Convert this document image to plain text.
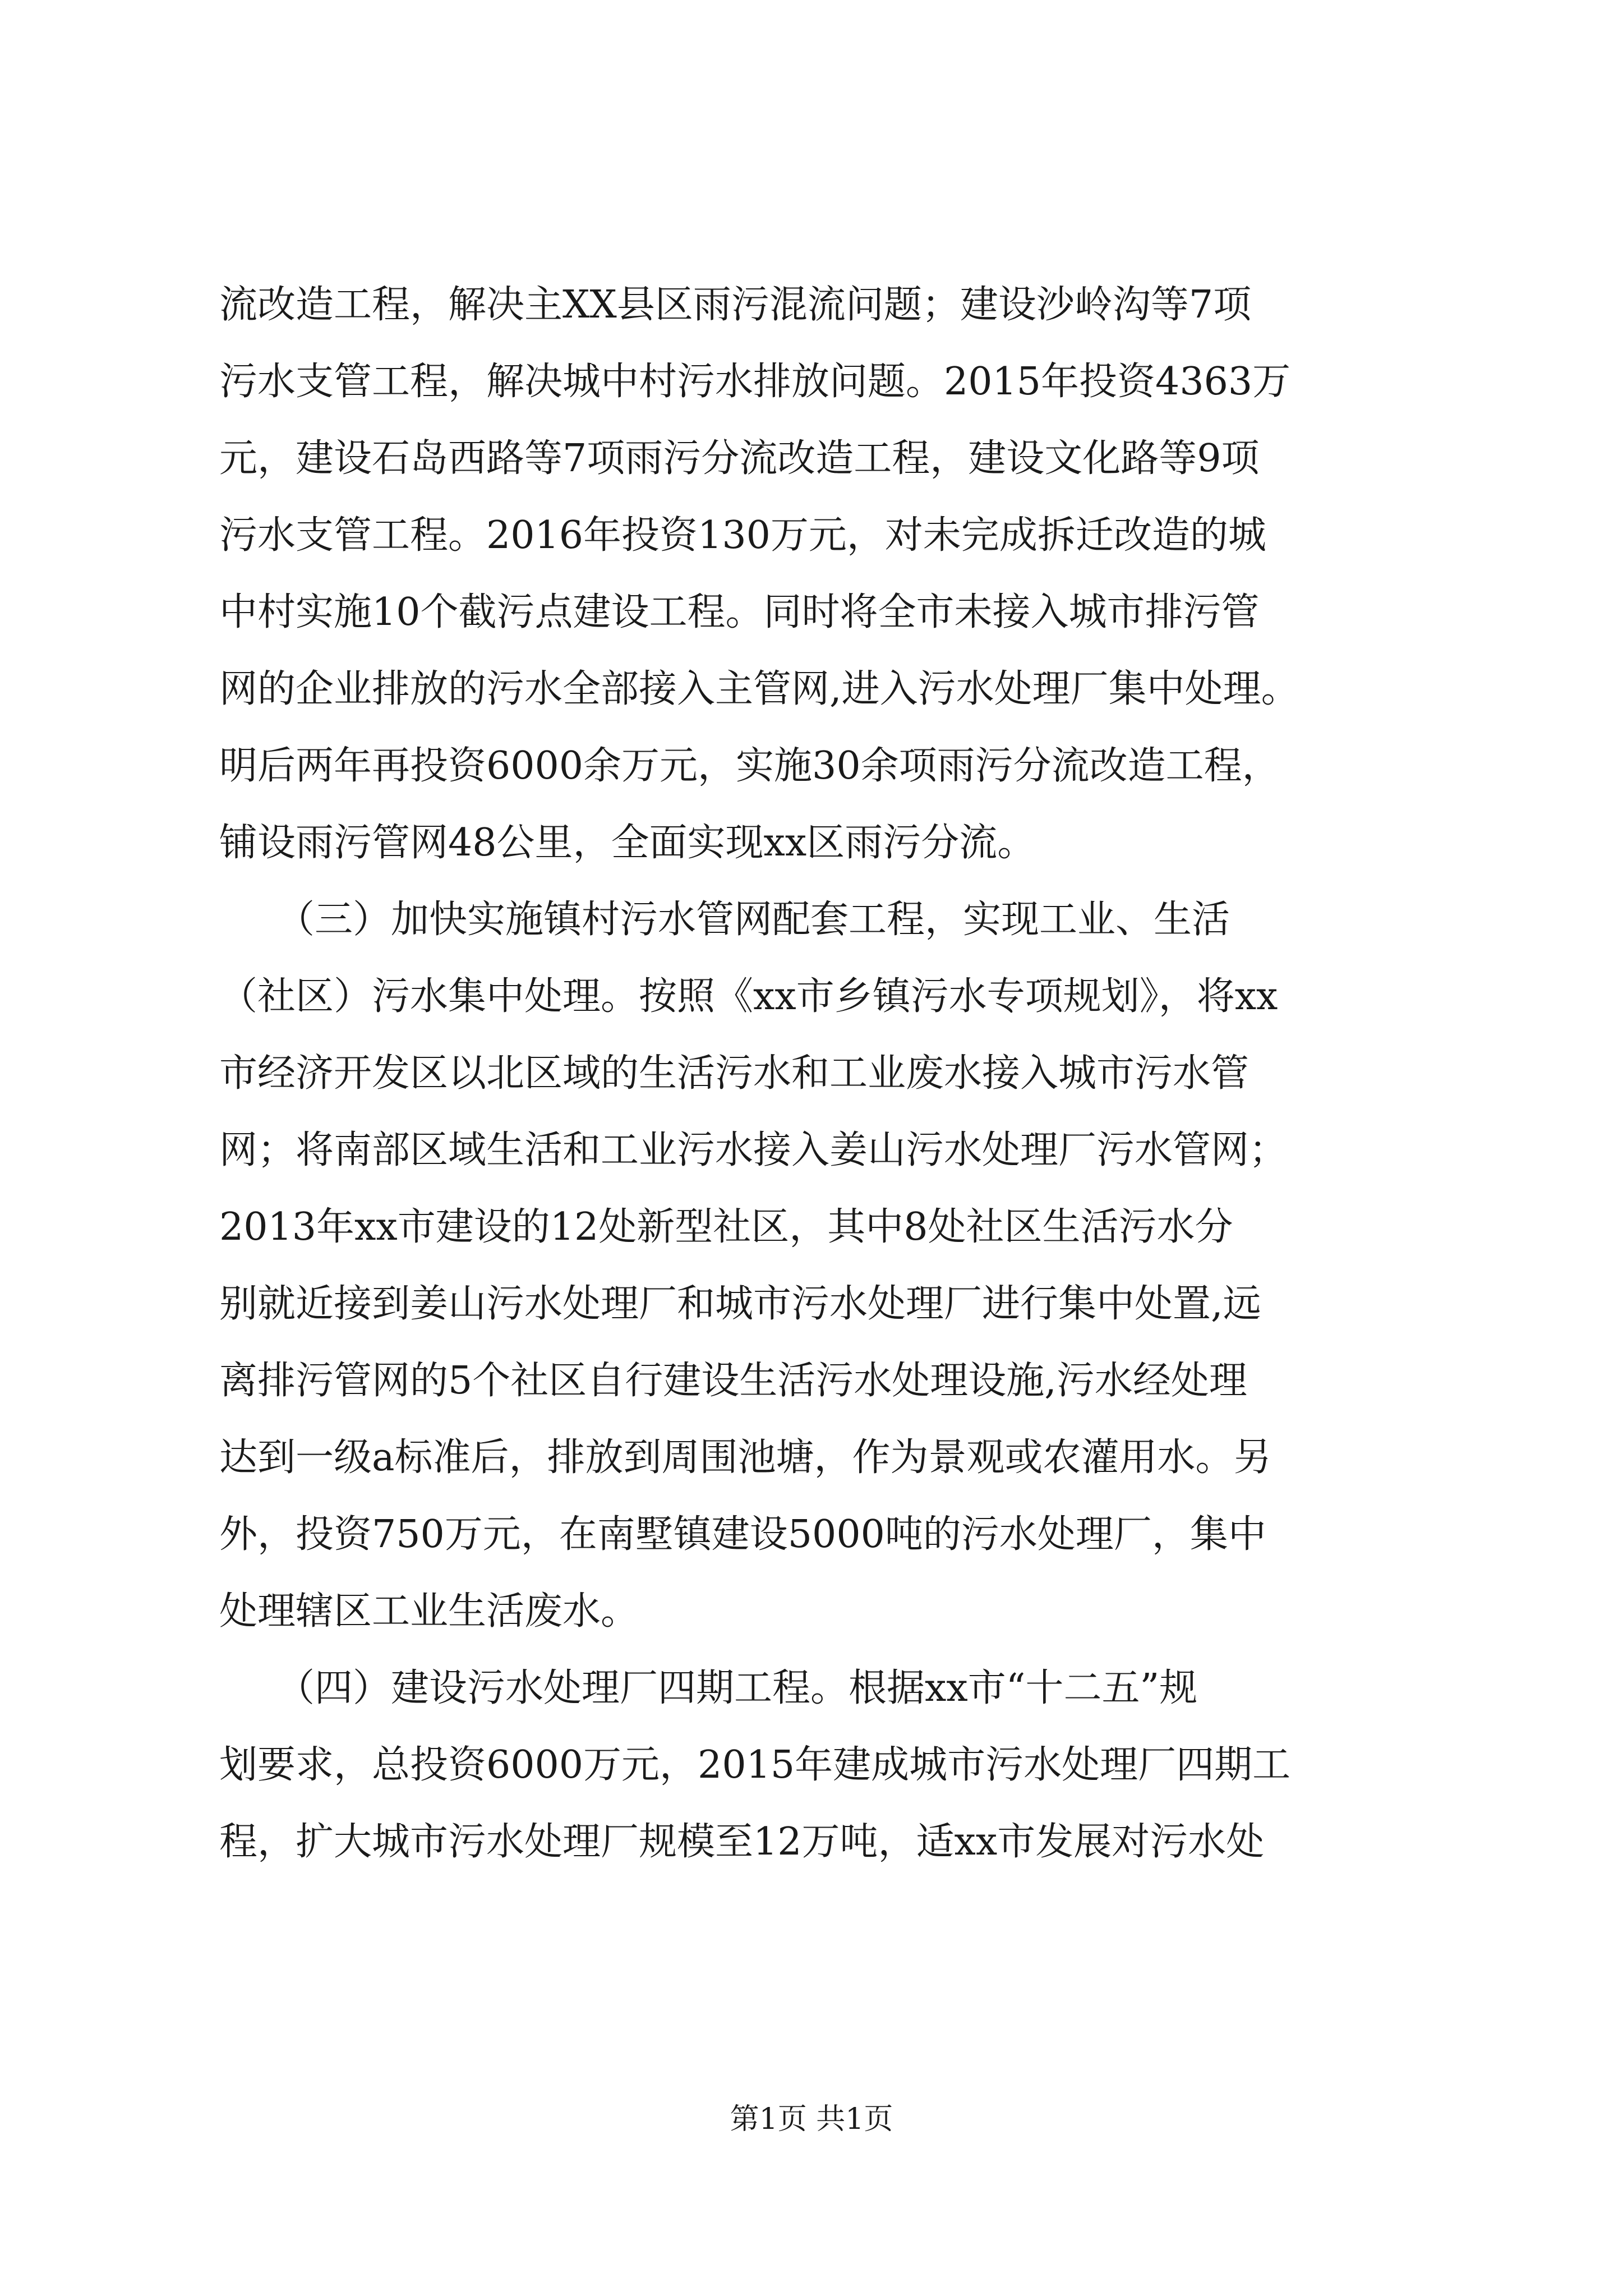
流改造工程，解决主XX县区雨污混流问题；建设沙岭沟等7项
污水支管工程，解决城中村污水排放问题。2015年投资4363万
元，建设石岛西路等7项雨污分流改造工程，建设文化路等9项
污水支管工程。2016年投资130万元，对未完成拆迁改造的城
中村实施10个截污点建设工程。同时将全市未接入城市排污管
网的企业排放的污水全部接入主管网,进入污水处理厂集中处理。
明后两年再投资6000余万元，实施30余项雨污分流改造工程，
铺设雨污管网48公里，全面实现xx区雨污分流。
　　（三）加快实施镇村污水管网配套工程，实现工业、生活
（社区）污水集中处理。按照《xx市乡镇污水专项规划》，将xx
市经济开发区以北区域的生活污水和工业废水接入城市污水管
网；将南部区域生活和工业污水接入姜山污水处理厂污水管网；
2013年xx市建设的12处新型社区，其中8处社区生活污水分
别就近接到姜山污水处理厂和城市污水处理厂进行集中处置,远
离排污管网的5个社区自行建设生活污水处理设施,污水经处理
达到一级a标准后，排放到周围池塘，作为景观或农灌用水。另
外，投资750万元，在南墅镇建设5000吨的污水处理厂，集中
处理辖区工业生活废水。
　　（四）建设污水处理厂四期工程。根据xx市“十二五”规
划要求，总投资6000万元，2015年建成城市污水处理厂四期工
程，扩大城市污水处理厂规模至12万吨，适xx市发展对污水处
第1页 共1页
